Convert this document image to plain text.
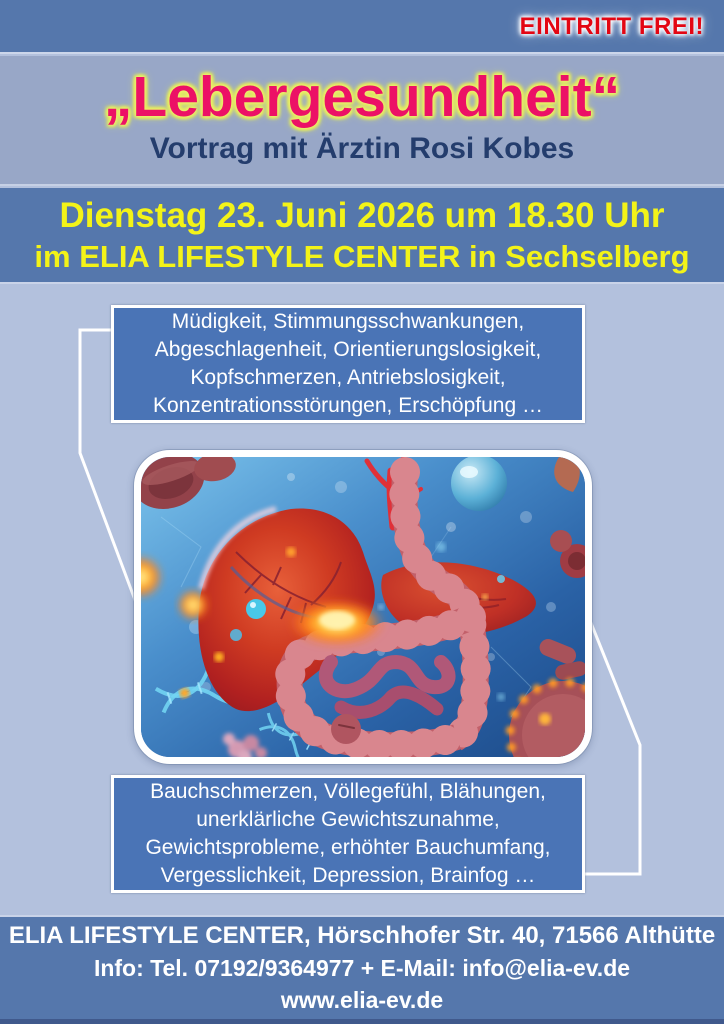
EINTRITT FREI!
„Lebergesundheit“
Vortrag mit Ärztin Rosi Kobes
Dienstag 23. Juni 2026 um 18.30 Uhr
im ELIA LIFESTYLE CENTER in Sechselberg
Müdigkeit, Stimmungsschwankungen,
Abgeschlagenheit, Orientierungslosigkeit,
Kopfschmerzen, Antriebslosigkeit,
Konzentrationsstörungen, Erschöpfung …
Bauchschmerzen, Völlegefühl, Blähungen,
unerklärliche Gewichtszunahme,
Gewichtsprobleme, erhöhter Bauchumfang,
Vergesslichkeit, Depression, Brainfog …
ELIA LIFESTYLE CENTER, Hörschhofer Str. 40, 71566 Althütte
Info: Tel. 07192/9364977 + E-Mail: info@elia-ev.de
www.elia-ev.de
